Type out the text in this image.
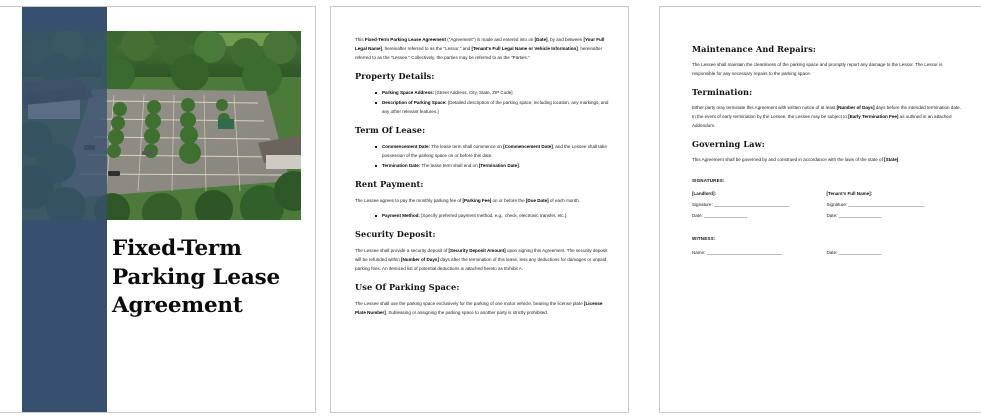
Fixed-Term
Parking Lease
Agreement

This Fixed-Term Parking Lease Agreement ("Agreement") is made and entered into on [Date], by and between [Your Full Legal Name], hereinafter referred to as the "Lessor," and [Tenant's Full Legal Name or Vehicle Information], hereinafter referred to as the "Lessee." Collectively, the parties may be referred to as the "Parties."

Property Details:
Parking Space Address: [Street Address, City, State, ZIP Code]
Description of Parking Space: [Detailed description of the parking space, including location, any markings, and any other relevant features.]
Term Of Lease:
Commencement Date: The lease term shall commence on [Commencement Date], and the Lessee shall take possession of the parking space on or before this date.
Termination Date: The lease term shall end on [Termination Date].
Rent Payment:

The Lessee agrees to pay the monthly parking fee of [Parking Fee] on or before the [Due Date] of each month.

Payment Method: [Specify preferred payment method, e.g., check, electronic transfer, etc.].
Security Deposit:

The Lessee shall provide a security deposit of [Security Deposit Amount] upon signing this Agreement. The security deposit will be refunded within [Number of Days] days after the termination of this lease, less any deductions for damages or unpaid parking fees. An itemized list of potential deductions is attached hereto as Exhibit A.

Use Of Parking Space:

The Lessee shall use the parking space exclusively for the parking of one motor vehicle, bearing the license plate [License Plate Number]. Subleasing or assigning the parking space to another party is strictly prohibited.

Maintenance And Repairs:

The Lessee shall maintain the cleanliness of the parking space and promptly report any damage to the Lessor. The Lessor is responsible for any necessary repairs to the parking space.

Termination:

Either party may terminate this Agreement with written notice of at least [Number of Days] days before the intended termination date. In the event of early termination by the Lessee, the Lessee may be subject to [Early Termination Fee] as outlined in an attached Addendum.

Governing Law:

This Agreement shall be governed by and construed in accordance with the laws of the state of [State].

SIGNATURES:
[Landlord]:
Signature: ______________________________
Date: _________________
[Tenant's Full Name]:
Signature: ______________________________
Date: _________________
WITNESS:
Name: ______________________________	Date: _________________
